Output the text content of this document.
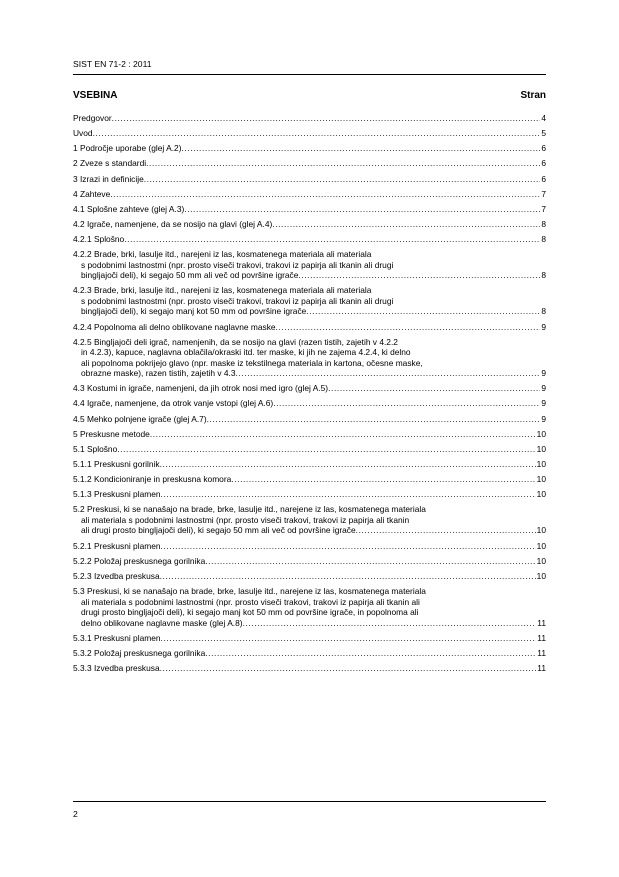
SIST EN 71-2 : 2011
VSEBINA	Stran
Predgovor .....	4
Uvod .....	5
1 Področje uporabe (glej A.2) .....	6
2 Zveze s standardi .....	6
3 Izrazi in definicije .....	6
4 Zahteve .....	7
4.1 Splošne zahteve (glej A.3) .....	7
4.2 Igrače, namenjene, da se nosijo na glavi (glej A.4) .....	8
4.2.1 Splošno .....	8
4.2.2 Brade, brki, lasulje itd., narejeni iz las, kosmatenega materiala ali materiala
s podobnimi lastnostmi (npr. prosto viseči trakovi, trakovi iz papirja ali tkanin ali drugi
bingljajoči deli), ki segajo 50 mm ali več od površine igrače .....	8
4.2.3 Brade, brki, lasulje itd., narejeni iz las, kosmatenega materiala ali materiala
s podobnimi lastnostmi (npr. prosto viseči trakovi, trakovi iz papirja ali tkanin ali drugi
bingljajoči deli), ki segajo manj kot 50 mm od površine igrače .....	8
4.2.4 Popolnoma ali delno oblikovane naglavne maske .....	9
4.2.5 Bingljajoči deli igrač, namenjenih, da se nosijo na glavi (razen tistih, zajetih v 4.2.2
in 4.2.3), kapuce, naglavna oblačila/okraski itd. ter maske, ki jih ne zajema 4.2.4, ki delno
ali popolnoma pokrijejo glavo (npr. maske iz tekstilnega materiala in kartona, očesne maske,
obrazne maske), razen tistih, zajetih v 4.3 .....	9
4.3 Kostumi in igrače, namenjeni, da jih otrok nosi med igro (glej A.5) .....	9
4.4 Igrače, namenjene, da otrok vanje vstopi (glej A.6) .....	9
4.5 Mehko polnjene igrače (glej A.7) .....	9
5 Preskusne metode .....	10
5.1 Splošno .....	10
5.1.1 Preskusni gorilnik .....	10
5.1.2 Kondicioniranje in preskusna komora .....	10
5.1.3 Preskusni plamen .....	10
5.2 Preskusi, ki se nanašajo na brade, brke, lasulje itd., narejene iz las, kosmatenega materiala
ali materiala s podobnimi lastnostmi (npr. prosto viseči trakovi, trakovi iz papirja ali tkanin
ali drugi prosto bingljajoči deli), ki segajo 50 mm ali več od površine igrače .....	10
5.2.1 Preskusni plamen .....	10
5.2.2 Položaj preskusnega gorilnika .....	10
5.2.3 Izvedba preskusa .....	10
5.3 Preskusi, ki se nanašajo na brade, brke, lasulje itd., narejene iz las, kosmatenega materiala
ali materiala s podobnimi lastnostmi (npr. prosto viseči trakovi, trakovi iz papirja ali tkanin ali
drugi prosto bingljajoči deli), ki segajo manj kot 50 mm od površine igrače, in popolnoma ali
delno oblikovane naglavne maske (glej A.8) .....	11
5.3.1 Preskusni plamen .....	11
5.3.2 Položaj preskusnega gorilnika .....	11
5.3.3 Izvedba preskusa .....	11
2
